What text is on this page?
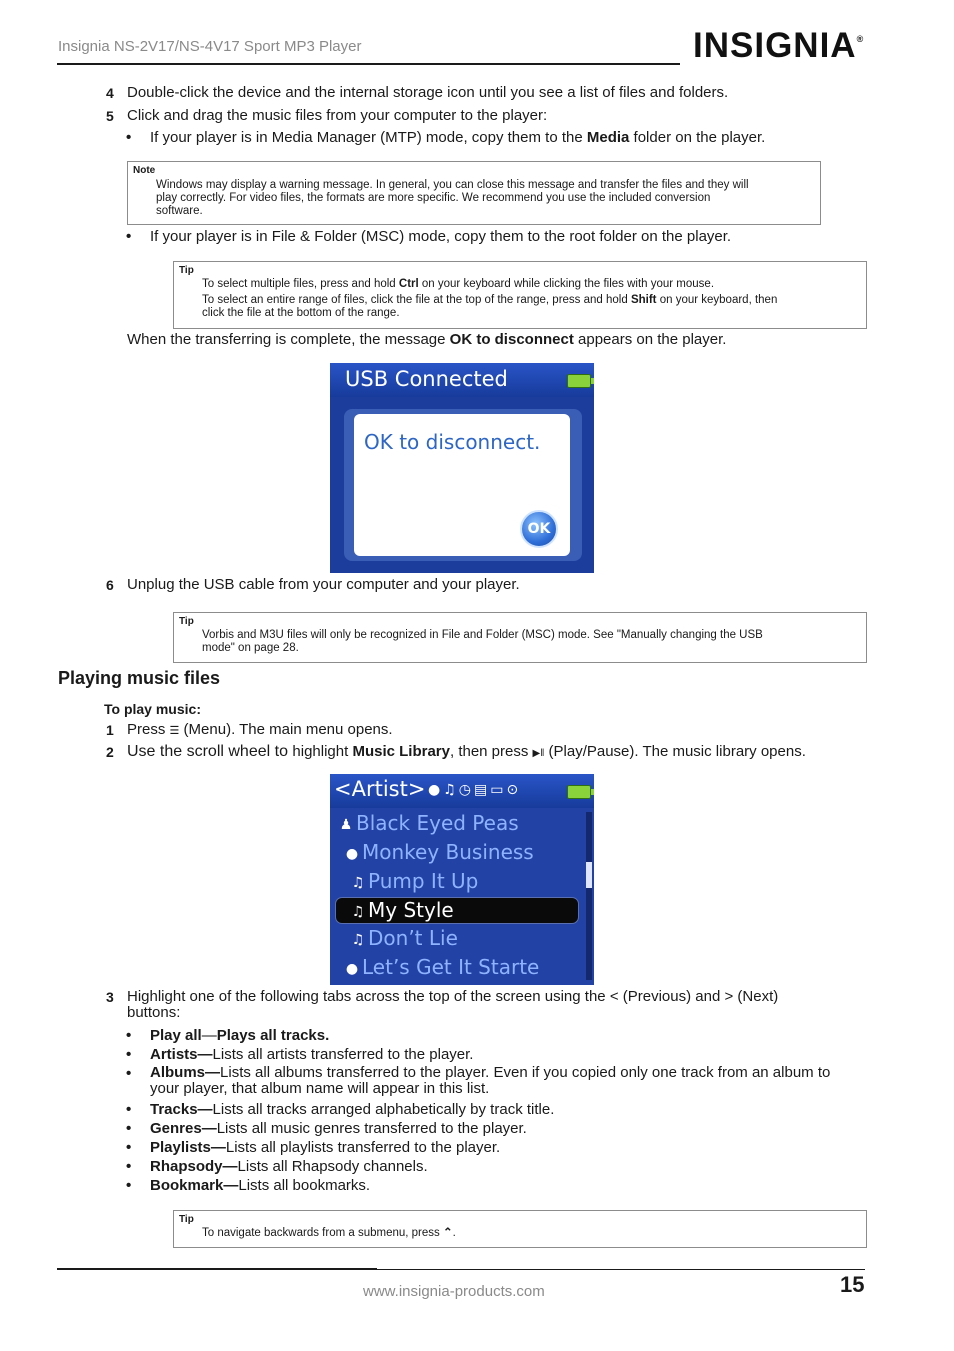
Insignia NS-2V17/NS-4V17 Sport MP3 Player	INSIGNIA®
4 Double-click the device and the internal storage icon until you see a list of files and folders.
5 Click and drag the music files from your computer to the player:
• If your player is in Media Manager (MTP) mode, copy them to the Media folder on the player.
Note
Windows may display a warning message. In general, you can close this message and transfer the files and they will
play correctly. For video files, the formats are more specific. We recommend you use the included conversion
software.
• If your player is in File & Folder (MSC) mode, copy them to the root folder on the player.
Tip
To select multiple files, press and hold Ctrl on your keyboard while clicking the files with your mouse.
To select an entire range of files, click the file at the top of the range, press and hold Shift on your keyboard, then
click the file at the bottom of the range.
When the transferring is complete, the message OK to disconnect appears on the player.
USB Connected
OK to disconnect.
OK
6 Unplug the USB cable from your computer and your player.
Tip
Vorbis and M3U files will only be recognized in File and Folder (MSC) mode. See "Manually changing the USB
mode" on page 28.
Playing music files
To play music:
1 Press ☰ (Menu). The main menu opens.
2 Use the scroll wheel to highlight Music Library, then press ▶‖ (Play/Pause). The music library opens.
<Artist> ●♫◷▤▭⊙
♟ Black Eyed Peas
● Monkey Business
♫ Pump It Up
♫ My Style
♫ Don’t Lie
● Let’s Get It Starte
3 Highlight one of the following tabs across the top of the screen using the < (Previous) and > (Next)
buttons:
• Play all—Plays all tracks.
• Artists—Lists all artists transferred to the player.
• Albums—Lists all albums transferred to the player. Even if you copied only one track from an album to
your player, that album name will appear in this list.
• Tracks—Lists all tracks arranged alphabetically by track title.
• Genres—Lists all music genres transferred to the player.
• Playlists—Lists all playlists transferred to the player.
• Rhapsody—Lists all Rhapsody channels.
• Bookmark—Lists all bookmarks.
Tip
To navigate backwards from a submenu, press ⌃.
www.insignia-products.com	15
